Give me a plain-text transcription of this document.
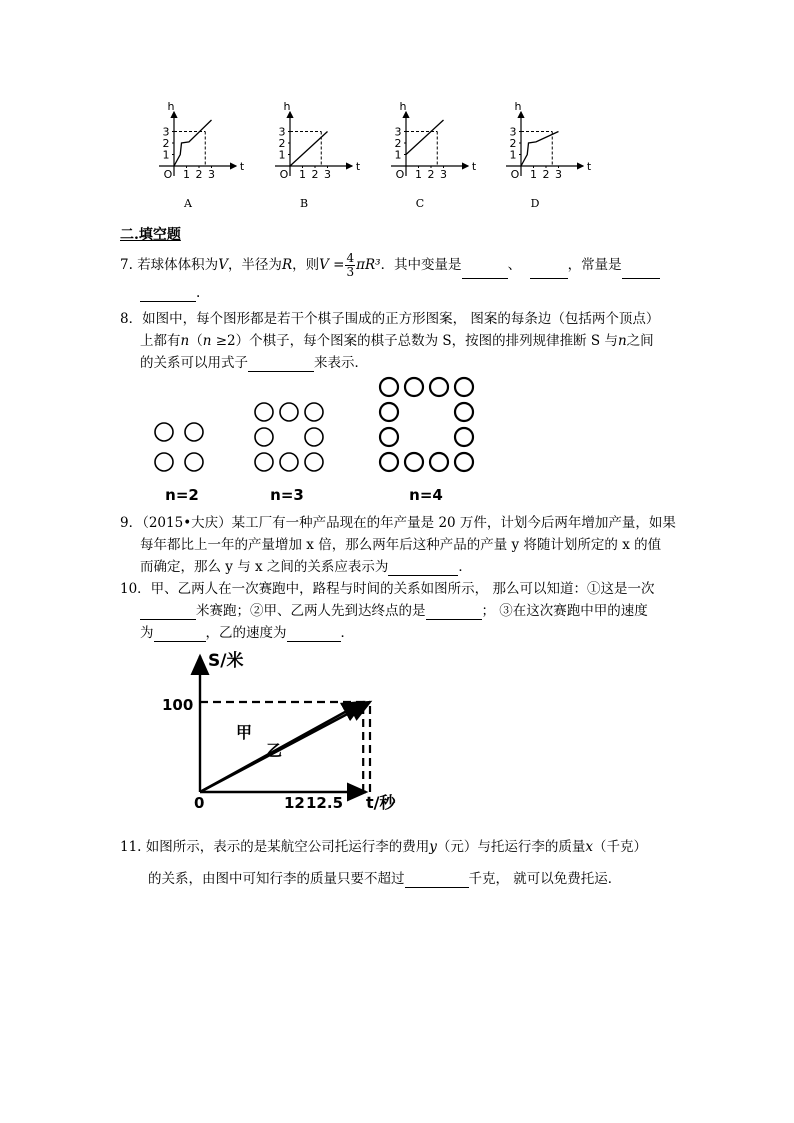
h
t
O
1
2
3
1 2 3
A
h
t
O
1
2
3
1 2 3
B
h
t
O
1
2
3
1 2 3
C
h
t
O
1
2
3
1 2 3
D
二.填空题
7. 若球体体积为V，半径为R，则$V = \frac{4}{3} \pi R^3$．其中变量是	、	，常量是
.
8．如图中，每个图形都是若干个棋子围成的正方形图案， 图案的每条边（包括两个顶点）
上都有n（n ≥2）个棋子，每个图案的棋子总数为 S，按图的排列规律推断 S 与n之间
的关系可以用式子	来表示．
n=2	n=3	n=4
9．（2015•大庆）某工厂有一种产品现在的年产量是 20 万件，计划今后两年增加产量，如果
每年都比上一年的产量增加 x 倍，那么两年后这种产品的产量 y 将随计划所定的 x 的值
而确定，那么 y 与 x 之间的关系应表示为	．
10．甲、乙两人在一次赛跑中，路程与时间的关系如图所示， 那么可以知道：①这是一次
米赛跑；②甲、乙两人先到达终点的是	； ③在这次赛跑中甲的速度
为	，乙的速度为	．
S/米
t/秒
0
100
12 12.5
甲
乙
11. 如图所示，表示的是某航空公司托运行李的费用y（元）与托运行李的质量x（千克）
的关系，由图中可知行李的质量只要不超过	千克， 就可以免费托运．
